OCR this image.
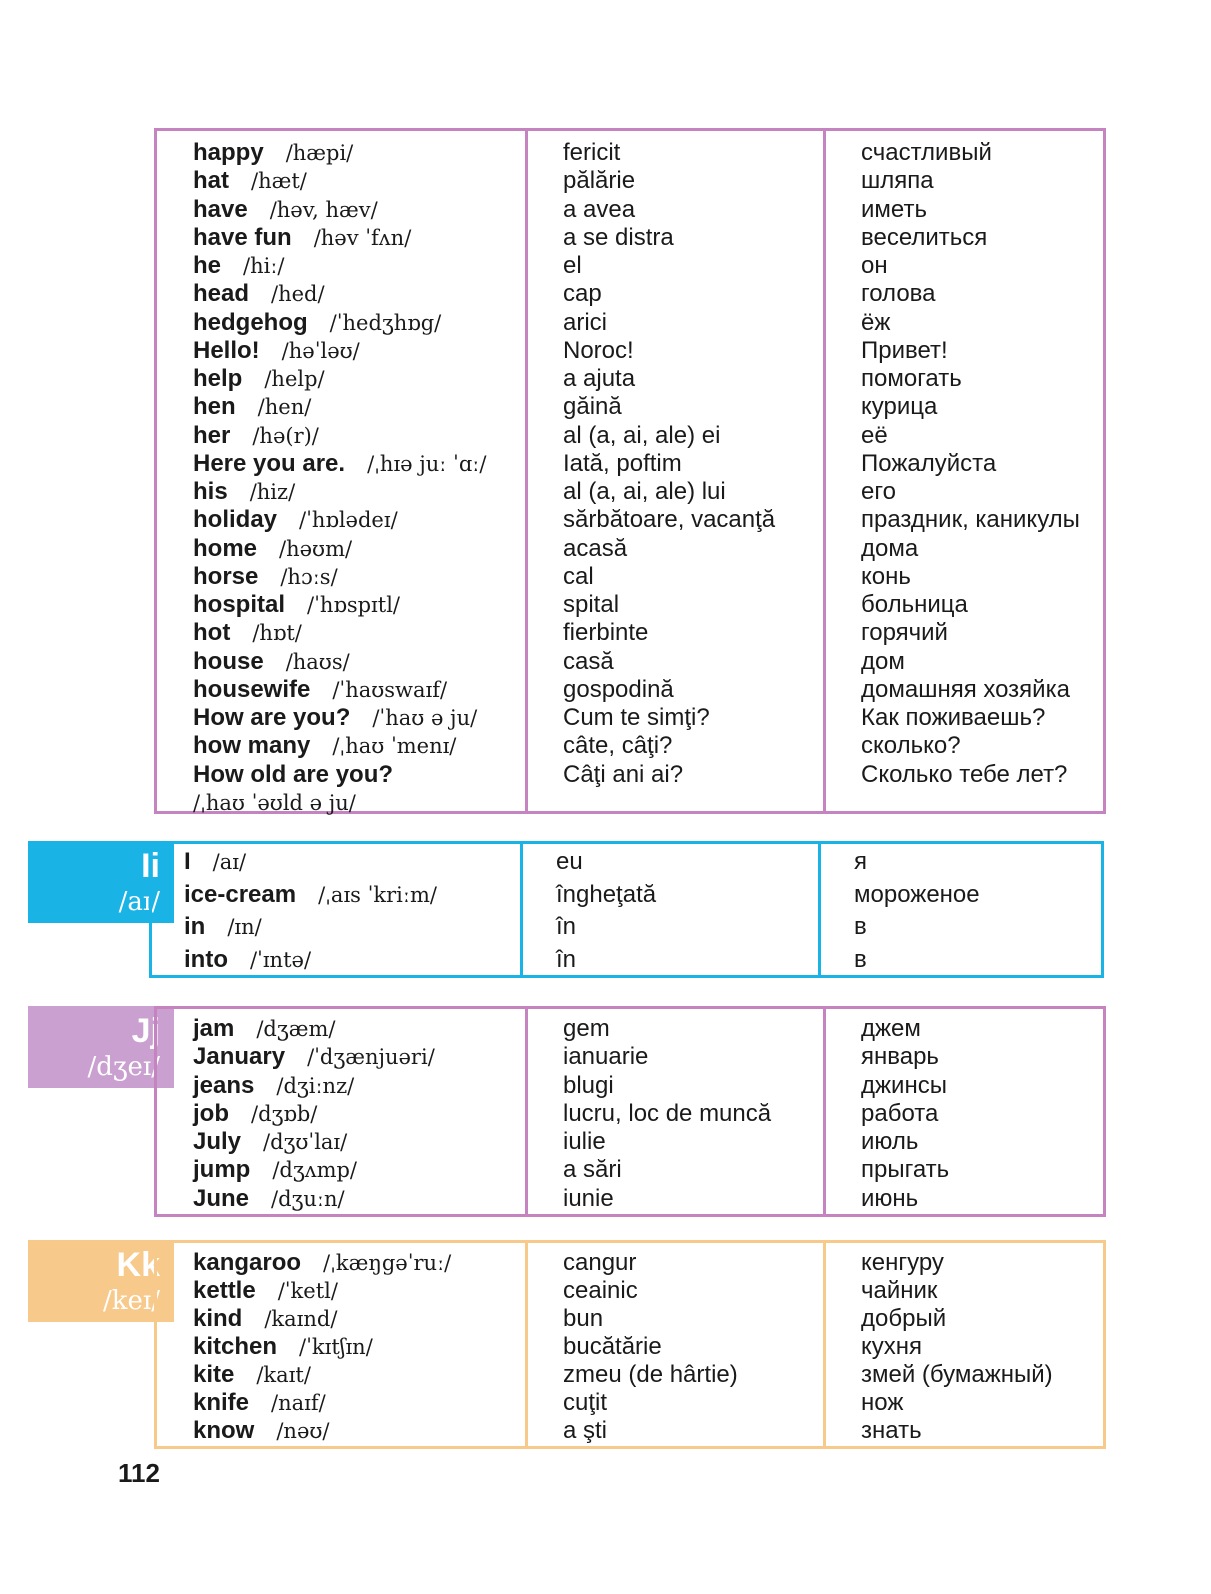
happy /hæpi/
hat /hæt/
have /həv, hæv/
have fun /həv ˈfʌn/
he /hiː/
head /hed/
hedgehog /ˈhedʒhɒg/
Hello! /həˈləʊ/
help /help/
hen /hen/
her /hə(r)/
Here you are. /ˌhɪə juː ˈɑː/
his /hiz/
holiday /ˈhɒlədeɪ/
home /həʊm/
horse /hɔːs/
hospital /ˈhɒspɪtl/
hot /hɒt/
house /haʊs/
housewife /ˈhaʊswaɪf/
How are you? /ˈhaʊ ə ju/
how many /ˌhaʊ ˈmenɪ/
How old are you?
/ˌhaʊ ˈəʊld ə ju/
fericit
pălărie
a avea
a se distra
el
cap
arici
Noroc!
a ajuta
găină
al (a, ai, ale) ei
Iată, poftim
al (a, ai, ale) lui
sărbătoare, vacanţă
acasă
cal
spital
fierbinte
casă
gospodină
Cum te simţi?
câte, câţi?
Câţi ani ai?
счастливый
шляпа
иметь
веселиться
он
голова
ёж
Привет!
помогать
курица
её
Пожалуйста
его
праздник, каникулы
дома
конь
больница
горячий
дом
домашняя хозяйка
Как поживаешь?
сколько?
Сколько тебе лет?
Ii
/aɪ/
I /aɪ/
ice-cream /ˌaɪs ˈkriːm/
in /ɪn/
into /ˈɪntə/
eu
îngheţată
în
în
я
мороженое
в
в
Jj
/dʒeɪ/
jam /dʒæm/
January /ˈdʒænjuəri/
jeans /dʒiːnz/
job /dʒɒb/
July /dʒʊˈlaɪ/
jump /dʒʌmp/
June /dʒuːn/
gem
ianuarie
blugi
lucru, loc de muncă
iulie
a sări
iunie
джем
январь
джинсы
работа
июль
прыгать
июнь
Kk
/keɪ/
kangaroo /ˌkæŋgəˈruː/
kettle /ˈketl/
kind /kaɪnd/
kitchen /ˈkɪtʃɪn/
kite /kaɪt/
knife /naɪf/
know /nəʊ/
cangur
ceainic
bun
bucătărie
zmeu (de hârtie)
cuţit
a şti
кенгуру
чайник
добрый
кухня
змей (бумажный)
нож
знать
112
